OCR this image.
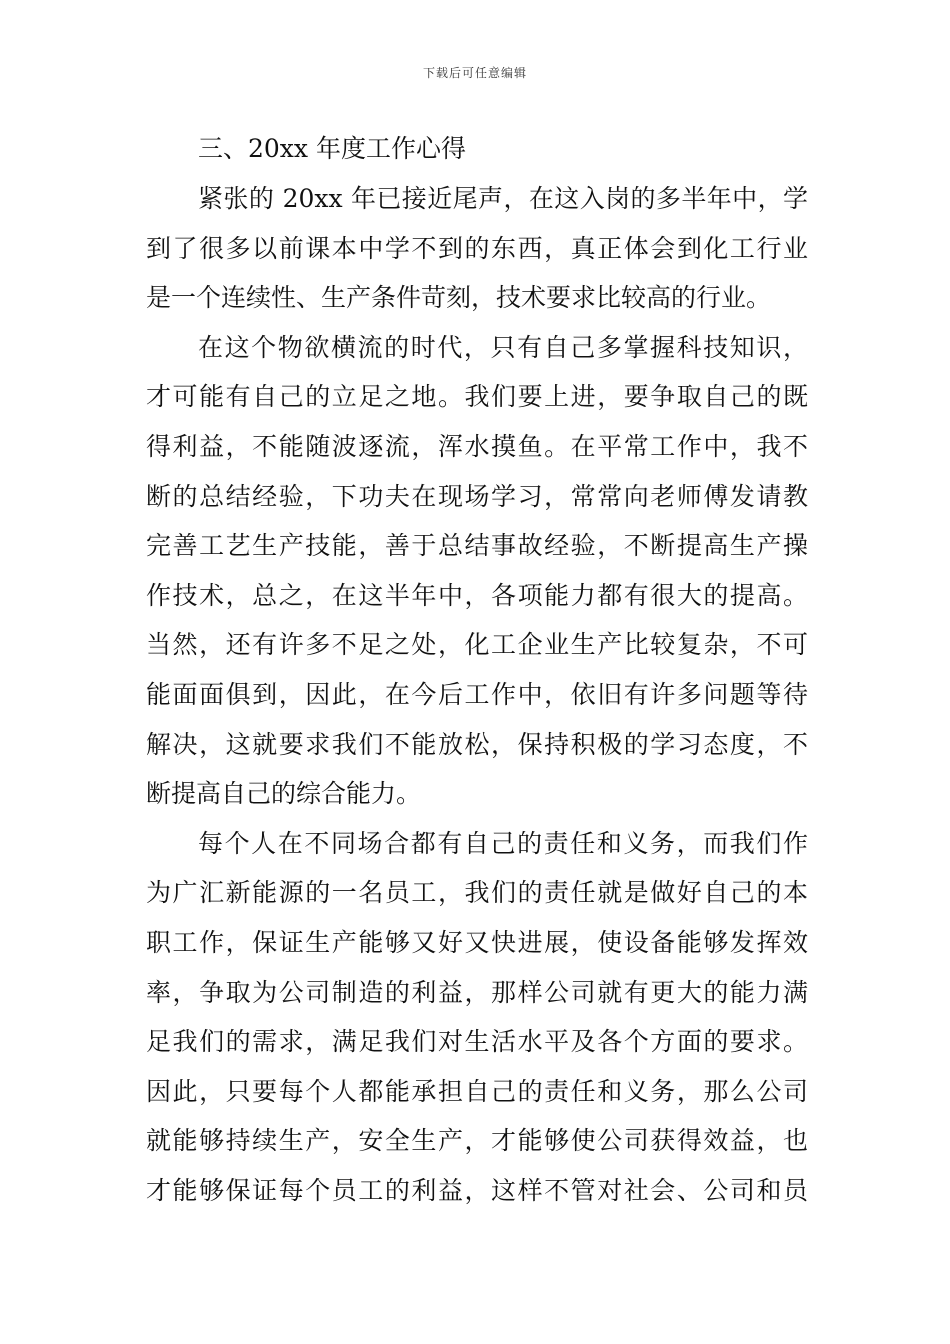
下载后可任意编辑
三、20xx 年度工作心得

紧张的 20xx 年已接近尾声，在这入岗的多半年中，学
到了很多以前课本中学不到的东西，真正体会到化工行业
是一个连续性、生产条件苛刻，技术要求比较高的行业。

在这个物欲横流的时代，只有自己多掌握科技知识，
才可能有自己的立足之地。我们要上进，要争取自己的既
得利益，不能随波逐流，浑水摸鱼。在平常工作中，我不
断的总结经验，下功夫在现场学习，常常向老师傅发请教
完善工艺生产技能，善于总结事故经验，不断提高生产操
作技术，总之，在这半年中，各项能力都有很大的提高。
当然，还有许多不足之处，化工企业生产比较复杂，不可
能面面俱到，因此，在今后工作中，依旧有许多问题等待
解决，这就要求我们不能放松，保持积极的学习态度，不
断提高自己的综合能力。

每个人在不同场合都有自己的责任和义务，而我们作
为广汇新能源的一名员工，我们的责任就是做好自己的本
职工作，保证生产能够又好又快进展，使设备能够发挥效
率，争取为公司制造的利益，那样公司就有更大的能力满
足我们的需求，满足我们对生活水平及各个方面的要求。
因此，只要每个人都能承担自己的责任和义务，那么公司
就能够持续生产，安全生产，才能够使公司获得效益，也
才能够保证每个员工的利益，这样不管对社会、公司和员
